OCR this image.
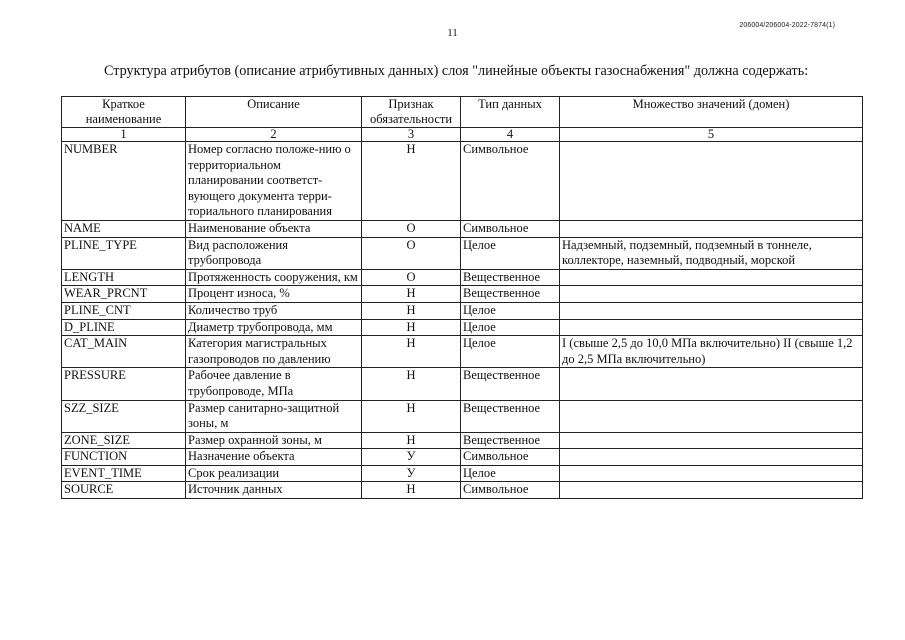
11
206004/206004-2022-7874(1)
Структура атрибутов (описание атрибутивных данных) слоя "линейные объекты газоснабжения" должна содержать:
Краткое наименование	Описание	Признак обязательности	Тип данных	Множество значений (домен)
1	2	3	4	5
NUMBER	Номер согласно положе-нию о территориальном планировании соответст-вующего документа терри-ториального планирования	Н	Символьное	
NAME	Наименование объекта	О	Символьное	
PLINE_TYPE	Вид расположения трубопровода	О	Целое	Надземный, подземный, подземный в тоннеле, коллекторе, наземный, подводный, морской
LENGTH	Протяженность сооружения, км	О	Вещественное	
WEAR_PRCNT	Процент износа, %	Н	Вещественное	
PLINE_CNT	Количество труб	Н	Целое	
D_PLINE	Диаметр трубопровода, мм	Н	Целое	
CAT_MAIN	Категория магистральных газопроводов по давлению	Н	Целое	I (свыше 2,5 до 10,0 МПа включительно) II (свыше 1,2 до 2,5 МПа включительно)
PRESSURE	Рабочее давление в трубопроводе, МПа	Н	Вещественное	
SZZ_SIZE	Размер санитарно-защитной зоны, м	Н	Вещественное	
ZONE_SIZE	Размер охранной зоны, м	Н	Вещественное	
FUNCTION	Назначение объекта	У	Символьное	
EVENT_TIME	Срок реализации	У	Целое	
SOURCE	Источник данных	Н	Символьное	
